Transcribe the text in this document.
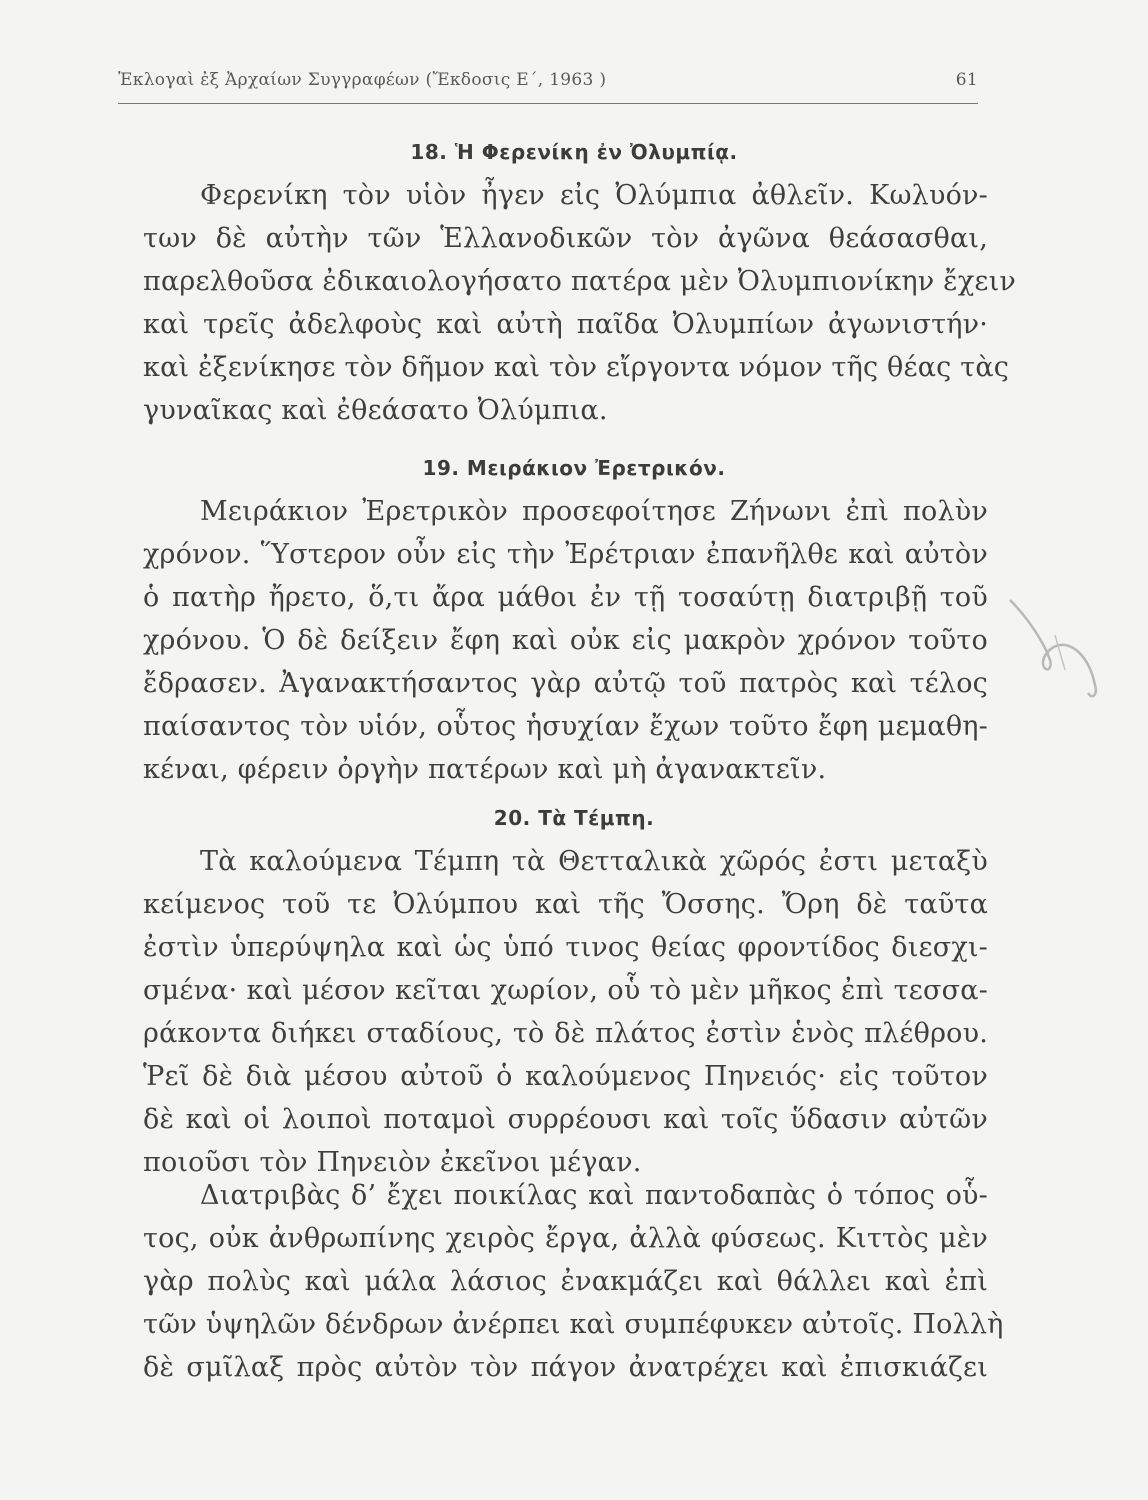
Ἐκλογαὶ ἐξ Ἀρχαίων Συγγραφέων (Ἔκδοσις Ε΄, 1963 )	61
18. Ἡ Φερενίκη ἐν Ὀλυμπίᾳ.
Φερενίκη τὸν υἱὸν ἦγεν εἰς Ὀλύμπια ἀθλεῖν. Κωλυόν-
των δὲ αὐτὴν τῶν Ἑλλανοδικῶν τὸν ἀγῶνα θεάσασθαι,
παρελθοῦσα ἐδικαιολογήσατο πατέρα μὲν Ὀλυμπιονίκην ἔχειν
καὶ τρεῖς ἀδελφοὺς καὶ αὐτὴ παῖδα Ὀλυμπίων ἀγωνιστήν·
καὶ ἐξενίκησε τὸν δῆμον καὶ τὸν εἴργοντα νόμον τῆς θέας τὰς
γυναῖκας καὶ ἐθεάσατο Ὀλύμπια.
19. Μειράκιον Ἐρετρικόν.
Μειράκιον Ἐρετρικὸν προσεφοίτησε Ζήνωνι ἐπὶ πολὺν
χρόνον. Ὕστερον οὖν εἰς τὴν Ἐρέτριαν ἐπανῆλθε καὶ αὐτὸν
ὁ πατὴρ ἤρετο, ὅ,τι ἄρα μάθοι ἐν τῇ τοσαύτῃ διατριβῇ τοῦ
χρόνου. Ὁ δὲ δείξειν ἔφη καὶ οὐκ εἰς μακρὸν χρόνον τοῦτο
ἔδρασεν. Ἀγανακτήσαντος γὰρ αὐτῷ τοῦ πατρὸς καὶ τέλος
παίσαντος τὸν υἱόν, οὗτος ἡσυχίαν ἔχων τοῦτο ἔφη μεμαθη-
κέναι, φέρειν ὀργὴν πατέρων καὶ μὴ ἀγανακτεῖν.
20. Τὰ Τέμπη.
Τὰ καλούμενα Τέμπη τὰ Θετταλικὰ χῶρός ἐστι μεταξὺ
κείμενος τοῦ τε Ὀλύμπου καὶ τῆς Ὄσσης. Ὄρη δὲ ταῦτα
ἐστὶν ὑπερύψηλα καὶ ὡς ὑπό τινος θείας φροντίδος διεσχι-
σμένα· καὶ μέσον κεῖται χωρίον, οὗ τὸ μὲν μῆκος ἐπὶ τεσσα-
ράκοντα διήκει σταδίους, τὸ δὲ πλάτος ἐστὶν ἑνὸς πλέθρου.
Ῥεῖ δὲ διὰ μέσου αὐτοῦ ὁ καλούμενος Πηνειός· εἰς τοῦτον
δὲ καὶ οἱ λοιποὶ ποταμοὶ συρρέουσι καὶ τοῖς ὕδασιν αὐτῶν
ποιοῦσι τὸν Πηνειὸν ἐκεῖνοι μέγαν.
Διατριβὰς δ’ ἔχει ποικίλας καὶ παντοδαπὰς ὁ τόπος οὗ-
τος, οὐκ ἀνθρωπίνης χειρὸς ἔργα, ἀλλὰ φύσεως. Κιττὸς μὲν
γὰρ πολὺς καὶ μάλα λάσιος ἐνακμάζει καὶ θάλλει καὶ ἐπὶ
τῶν ὑψηλῶν δένδρων ἀνέρπει καὶ συμπέφυκεν αὐτοῖς. Πολλὴ
δὲ σμῖλαξ πρὸς αὐτὸν τὸν πάγον ἀνατρέχει καὶ ἐπισκιάζει
